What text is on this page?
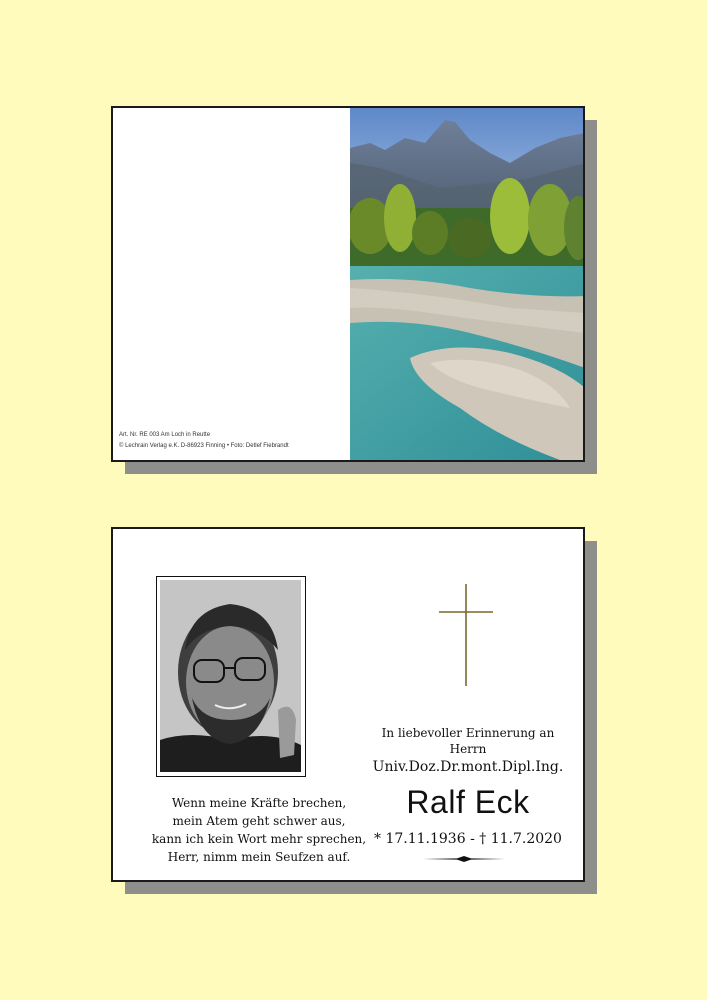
Art. Nr. RE 003 Am Loch in Reutte
© Lechrain Verlag e.K. D-86923 Finning • Foto: Detlef Fiebrandt
Wenn meine Kräfte brechen,
mein Atem geht schwer aus,
kann ich kein Wort mehr sprechen,
Herr, nimm mein Seufzen auf.
In liebevoller Erinnerung an
Herrn
Univ.Doz.Dr.mont.Dipl.Ing.
Ralf Eck
* 17.11.1936 - † 11.7.2020
